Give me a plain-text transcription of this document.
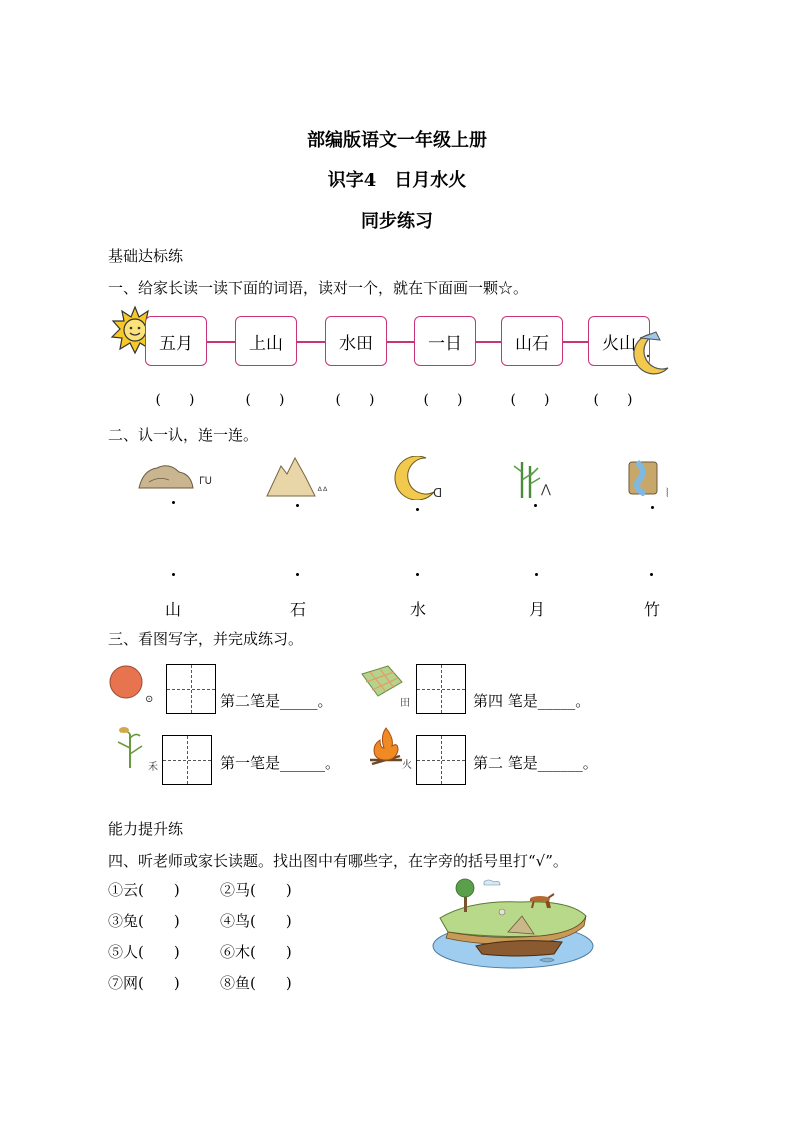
部编版语文一年级上册
识字4　日月水火
同步练习
基础达标练
一、给家长读一读下面的词语，读对一个，就在下面画一颗☆。
五月	上山	水田	一日	山石	火山
(　　)	(　　)	(　　)	(　　)	(　　)	(　　)
二、认一认，连一连。
ᒥᑌ
ᐞᐞ	ᗡ	⋀	⦚
山	石	水	月	竹
三、看图写字，并完成练习。
⊙	第二笔是_____。	田	第四 笔是_____。
禾	第一笔是______。	火	第二 笔是______。
能力提升练
四、听老师或家长读题。找出图中有哪些字，在字旁的括号里打“√”。
①云(　　)	②马(　　)
③兔(　　)	④鸟(　　)
⑤人(　　)	⑥木(　　)
⑦网(　　)	⑧鱼(　　)
